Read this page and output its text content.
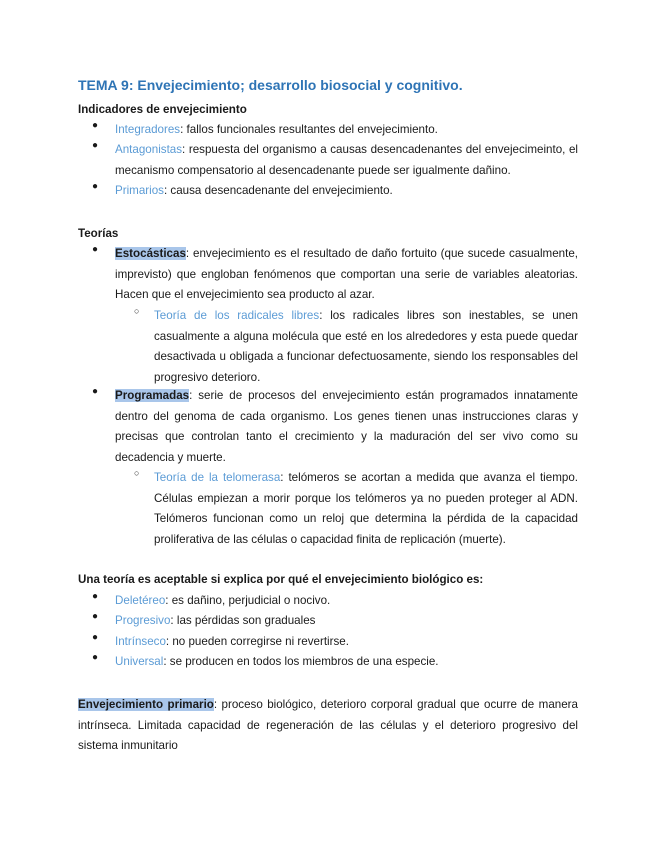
TEMA 9: Envejecimiento; desarrollo biosocial y cognitivo.
Indicadores de envejecimiento
● Integradores: fallos funcionales resultantes del envejecimiento.
● Antagonistas: respuesta del organismo a causas desencadenantes del envejecimeinto, el mecanismo compensatorio al desencadenante puede ser igualmente dañino.
● Primarios: causa desencadenante del envejecimiento.
Teorías
● Estocásticas: envejecimiento es el resultado de daño fortuito (que sucede casualmente, imprevisto) que engloban fenómenos que comportan una serie de variables aleatorias. Hacen que el envejecimiento sea producto al azar.
○ Teoría de los radicales libres: los radicales libres son inestables, se unen casualmente a alguna molécula que esté en los alrededores y esta puede quedar desactivada u obligada a funcionar defectuosamente, siendo los responsables del progresivo deterioro.
● Programadas: serie de procesos del envejecimiento están programados innatamente dentro del genoma de cada organismo. Los genes tienen unas instrucciones claras y precisas que controlan tanto el crecimiento y la maduración del ser vivo como su decadencia y muerte.
○ Teoría de la telomerasa: telómeros se acortan a medida que avanza el tiempo. Células empiezan a morir porque los telómeros ya no pueden proteger al ADN. Telómeros funcionan como un reloj que determina la pérdida de la capacidad proliferativa de las células o capacidad finita de replicación (muerte).
Una teoría es aceptable si explica por qué el envejecimiento biológico es:
● Deletéreo: es dañino, perjudicial o nocivo.
● Progresivo: las pérdidas son graduales
● Intrínseco: no pueden corregirse ni revertirse.
● Universal: se producen en todos los miembros de una especie.
Envejecimiento primario: proceso biológico, deterioro corporal gradual que ocurre de manera intrínseca. Limitada capacidad de regeneración de las células y el deterioro progresivo del sistema inmunitario
